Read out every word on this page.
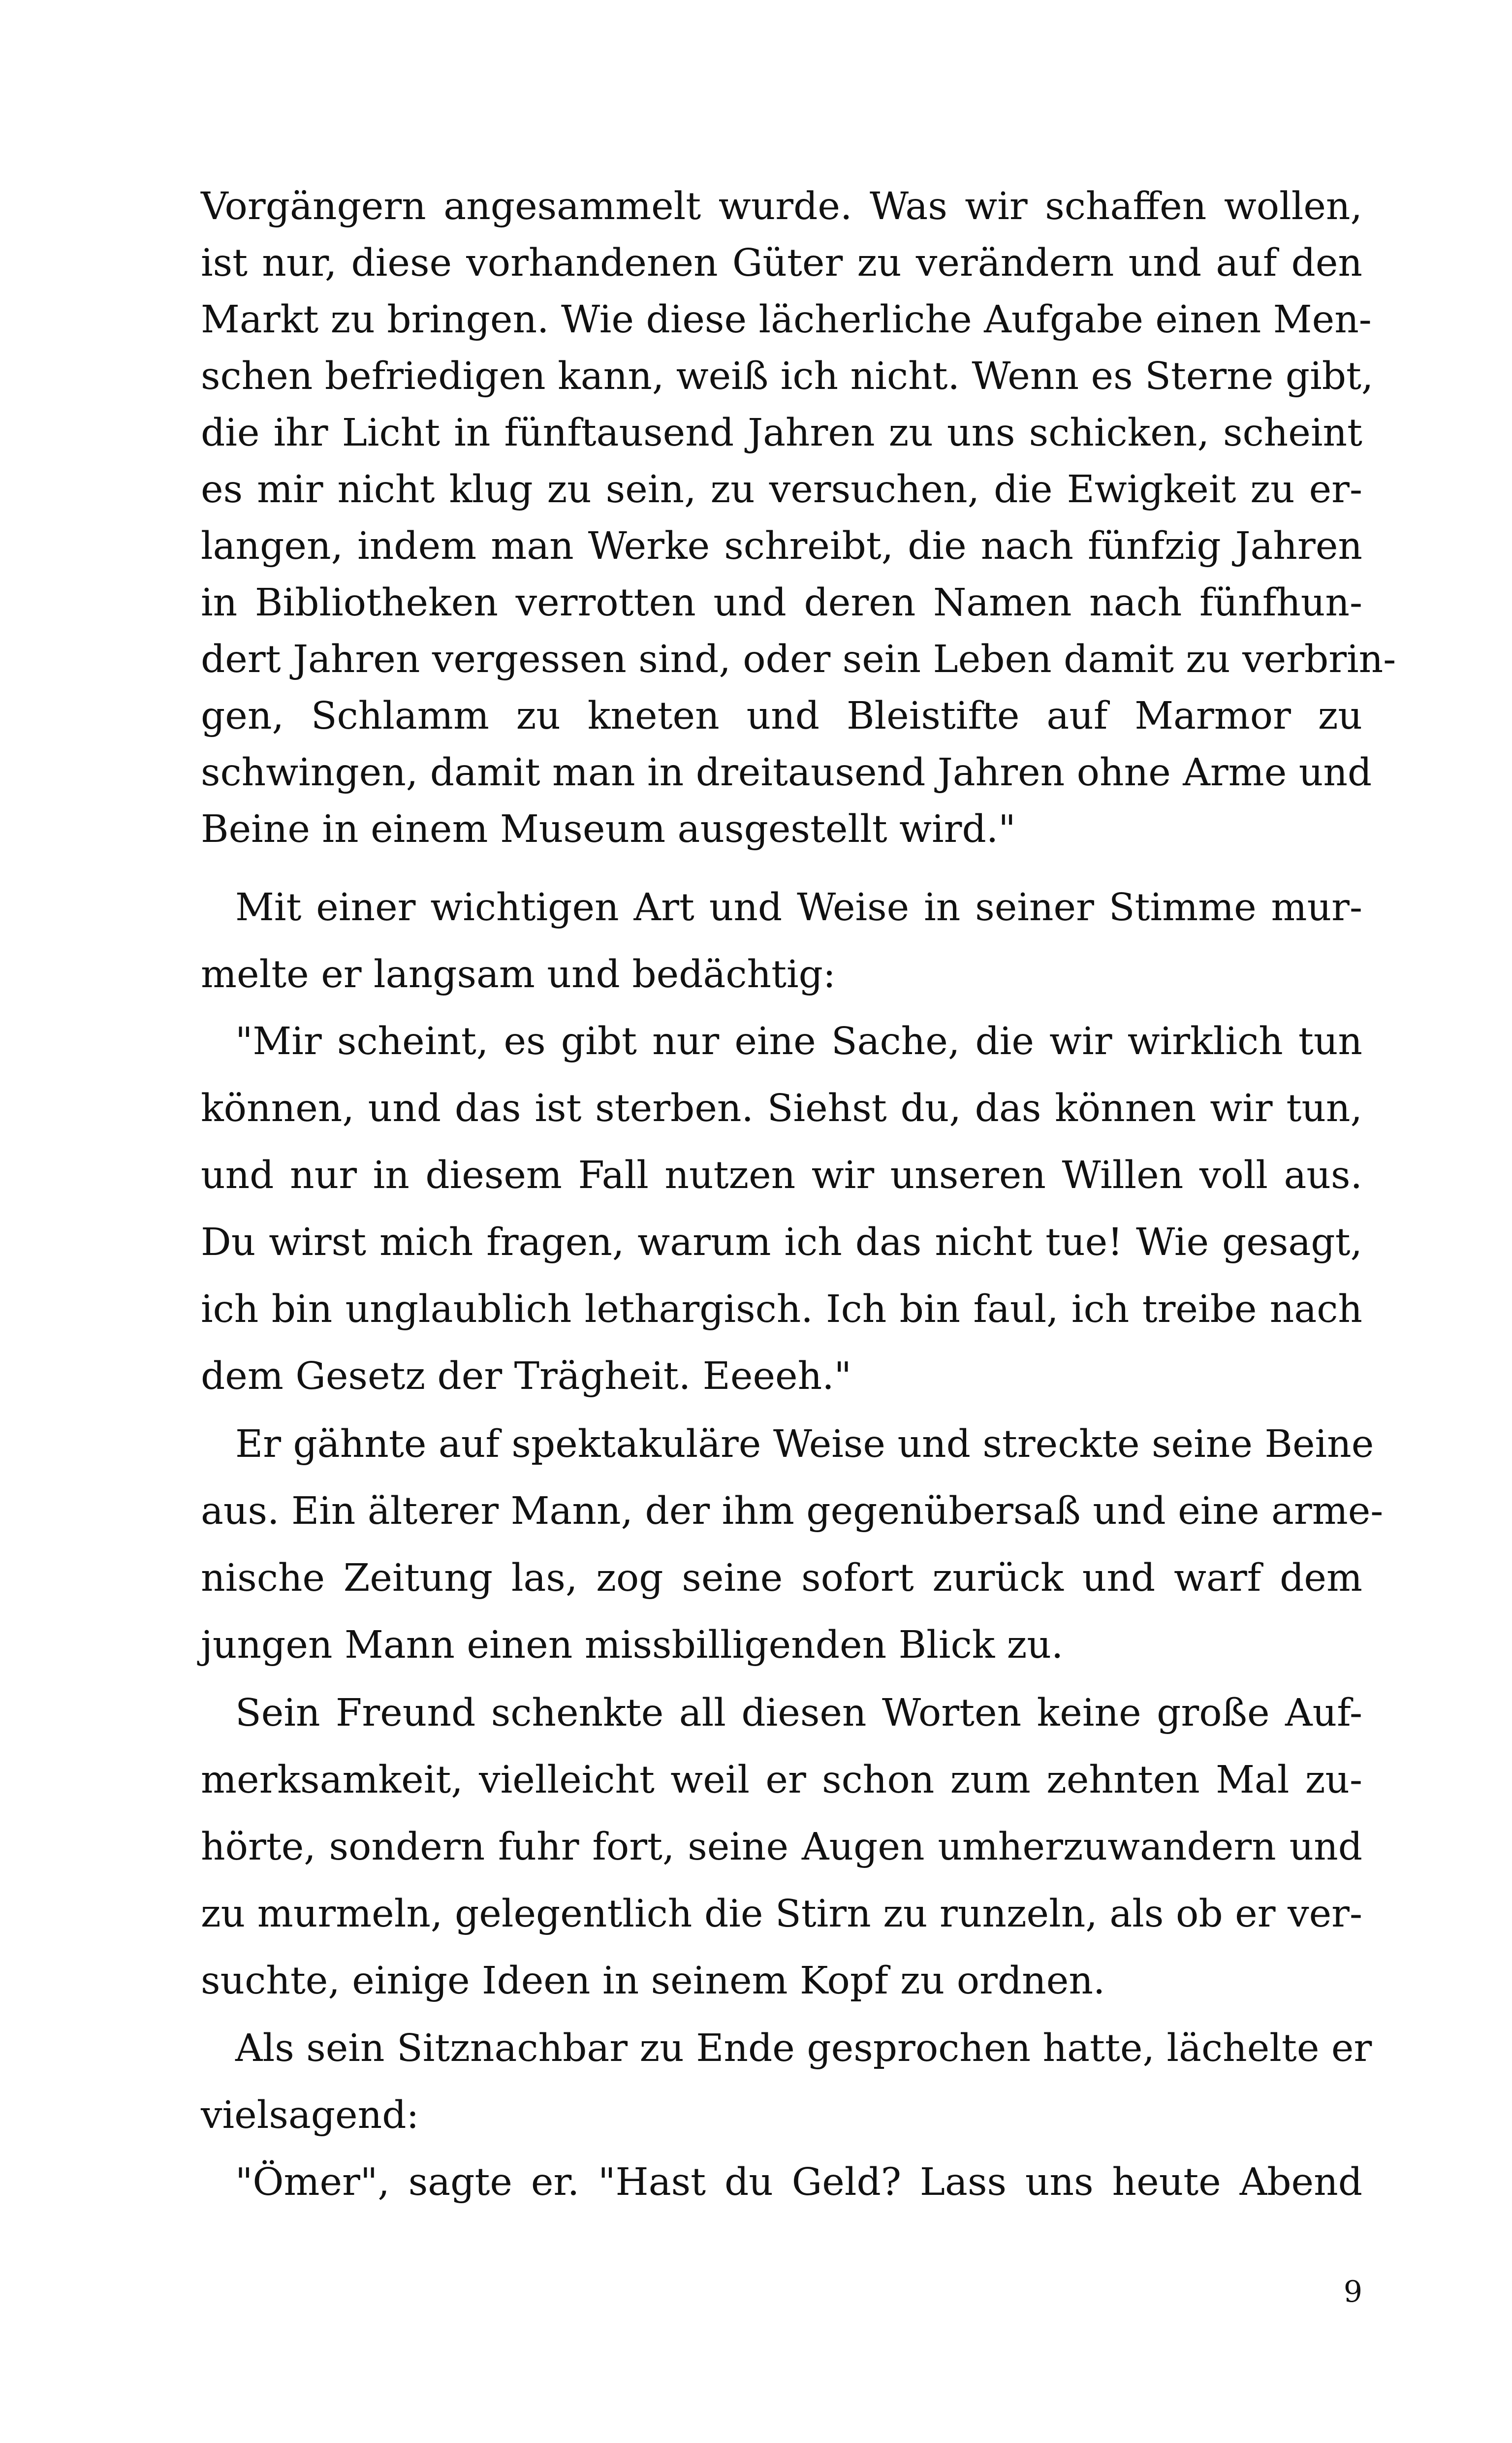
Vorgängern angesammelt wurde. Was wir schaffen wollen,
ist nur, diese vorhandenen Güter zu verändern und auf den
Markt zu bringen. Wie diese lächerliche Aufgabe einen Men-
schen befriedigen kann, weiß ich nicht. Wenn es Sterne gibt,
die ihr Licht in fünftausend Jahren zu uns schicken, scheint
es mir nicht klug zu sein, zu versuchen, die Ewigkeit zu er-
langen, indem man Werke schreibt, die nach fünfzig Jahren
in Bibliotheken verrotten und deren Namen nach fünfhun-
dert Jahren vergessen sind, oder sein Leben damit zu verbrin-
gen, Schlamm zu kneten und Bleistifte auf Marmor zu
schwingen, damit man in dreitausend Jahren ohne Arme und
Beine in einem Museum ausgestellt wird."

Mit einer wichtigen Art und Weise in seiner Stimme mur-
melte er langsam und bedächtig:

"Mir scheint, es gibt nur eine Sache, die wir wirklich tun
können, und das ist sterben. Siehst du, das können wir tun,
und nur in diesem Fall nutzen wir unseren Willen voll aus.
Du wirst mich fragen, warum ich das nicht tue! Wie gesagt,
ich bin unglaublich lethargisch. Ich bin faul, ich treibe nach
dem Gesetz der Trägheit. Eeeeh."

Er gähnte auf spektakuläre Weise und streckte seine Beine
aus. Ein älterer Mann, der ihm gegenübersaß und eine arme-
nische Zeitung las, zog seine sofort zurück und warf dem
jungen Mann einen missbilligenden Blick zu.

Sein Freund schenkte all diesen Worten keine große Auf-
merksamkeit, vielleicht weil er schon zum zehnten Mal zu-
hörte, sondern fuhr fort, seine Augen umherzuwandern und
zu murmeln, gelegentlich die Stirn zu runzeln, als ob er ver-
suchte, einige Ideen in seinem Kopf zu ordnen.

Als sein Sitznachbar zu Ende gesprochen hatte, lächelte er
vielsagend:

"Ömer", sagte er. "Hast du Geld? Lass uns heute Abend

9
